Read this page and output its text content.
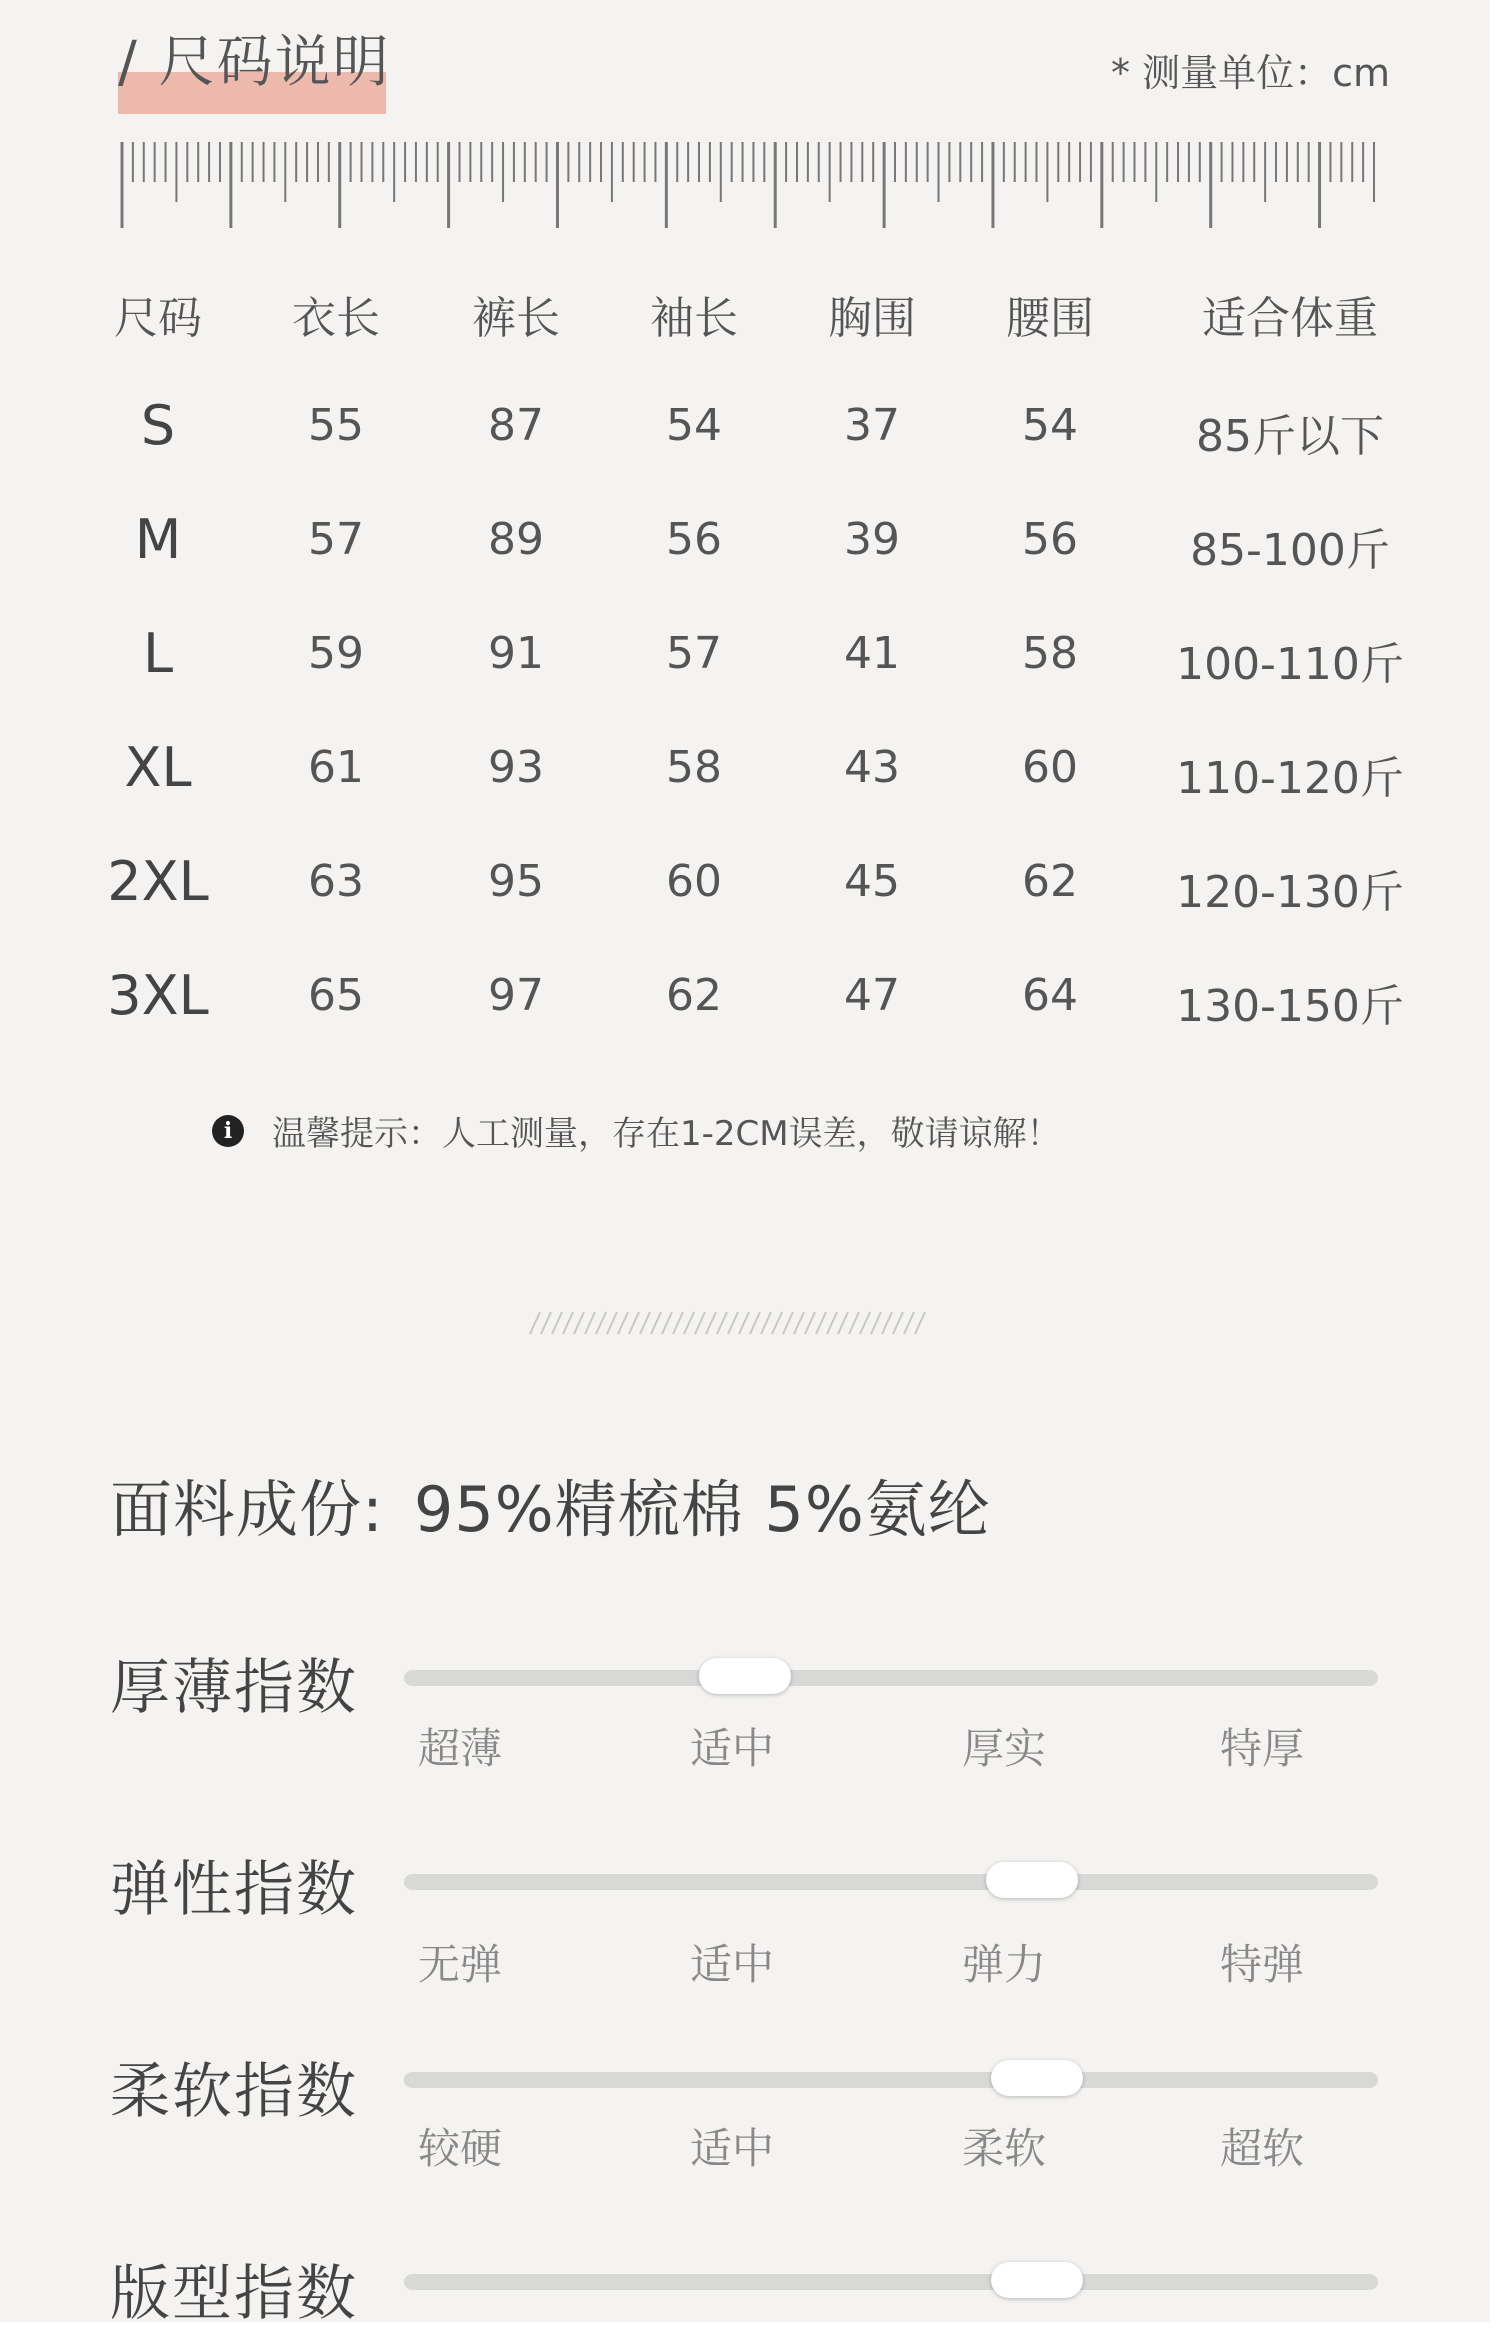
/ 尺码说明	* 测量单位：cm
尺码 衣长 裤长 袖长 胸围 腰围 适合体重
S	55	87	54	37	54	85斤以下
M	57	89	56	39	56	85-100斤
L	59	91	57	41	58 100-110斤
XL	61	93	58	43	60 110-120斤
2XL 63	95	60	45	62 120-130斤
3XL 65	97	62	47	64 130-150斤
i	温馨提示：人工测量，存在1-2CM误差，敬请谅解！
面料成份: 95%精梳棉 5%氨纶
厚薄指数
超薄	适中	厚实	特厚
弹性指数
无弹	适中	弹力	特弹
柔软指数
较硬	适中	柔软	超软
版型指数
